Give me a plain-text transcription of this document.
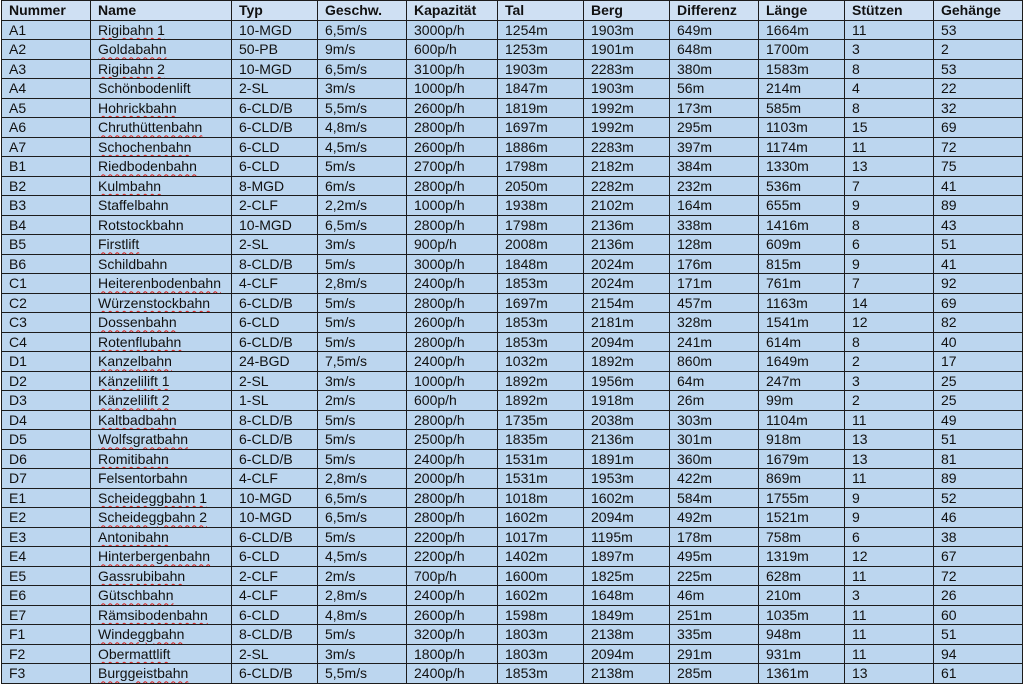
Nummer	Name	Typ	Geschw.	Kapazität	Tal	Berg	Differenz	Länge	Stützen	Gehänge
A1	Rigibahn 1	10-MGD	6,5m/s	3000p/h	1254m	1903m	649m	1664m	11	53
A2	Goldabahn	50-PB	9m/s	600p/h	1253m	1901m	648m	1700m	3	2
A3	Rigibahn 2	10-MGD	6,5m/s	3100p/h	1903m	2283m	380m	1583m	8	53
A4	Schönbodenlift	2-SL	3m/s	1000p/h	1847m	1903m	56m	214m	4	22
A5	Hohrickbahn	6-CLD/B	5,5m/s	2600p/h	1819m	1992m	173m	585m	8	32
A6	Chruthüttenbahn	6-CLD/B	4,8m/s	2800p/h	1697m	1992m	295m	1103m	15	69
A7	Schochenbahn	6-CLD	4,5m/s	2600p/h	1886m	2283m	397m	1174m	11	72
B1	Riedbodenbahn	6-CLD	5m/s	2700p/h	1798m	2182m	384m	1330m	13	75
B2	Kulmbahn	8-MGD	6m/s	2800p/h	2050m	2282m	232m	536m	7	41
B3	Staffelbahn	2-CLF	2,2m/s	1000p/h	1938m	2102m	164m	655m	9	89
B4	Rotstockbahn	10-MGD	6,5m/s	2800p/h	1798m	2136m	338m	1416m	8	43
B5	Firstlift	2-SL	3m/s	900p/h	2008m	2136m	128m	609m	6	51
B6	Schildbahn	8-CLD/B	5m/s	3000p/h	1848m	2024m	176m	815m	9	41
C1	Heiterenbodenbahn	4-CLF	2,8m/s	2400p/h	1853m	2024m	171m	761m	7	92
C2	Würzenstockbahn	6-CLD/B	5m/s	2800p/h	1697m	2154m	457m	1163m	14	69
C3	Dossenbahn	6-CLD	5m/s	2600p/h	1853m	2181m	328m	1541m	12	82
C4	Rotenflubahn	6-CLD/B	5m/s	2800p/h	1853m	2094m	241m	614m	8	40
D1	Kanzelbahn	24-BGD	7,5m/s	2400p/h	1032m	1892m	860m	1649m	2	17
D2	Känzelilift 1	2-SL	3m/s	1000p/h	1892m	1956m	64m	247m	3	25
D3	Känzelilift 2	1-SL	2m/s	600p/h	1892m	1918m	26m	99m	2	25
D4	Kaltbadbahn	8-CLD/B	5m/s	2800p/h	1735m	2038m	303m	1104m	11	49
D5	Wolfsgratbahn	6-CLD/B	5m/s	2500p/h	1835m	2136m	301m	918m	13	51
D6	Romitibahn	6-CLD/B	5m/s	2400p/h	1531m	1891m	360m	1679m	13	81
D7	Felsentorbahn	4-CLF	2,8m/s	2000p/h	1531m	1953m	422m	869m	11	89
E1	Scheideggbahn 1	10-MGD	6,5m/s	2800p/h	1018m	1602m	584m	1755m	9	52
E2	Scheideggbahn 2	10-MGD	6,5m/s	2800p/h	1602m	2094m	492m	1521m	9	46
E3	Antonibahn	6-CLD/B	5m/s	2200p/h	1017m	1195m	178m	758m	6	38
E4	Hinterbergenbahn	6-CLD	4,5m/s	2200p/h	1402m	1897m	495m	1319m	12	67
E5	Gassrubibahn	2-CLF	2m/s	700p/h	1600m	1825m	225m	628m	11	72
E6	Gütschbahn	4-CLF	2,8m/s	2400p/h	1602m	1648m	46m	210m	3	26
E7	Rämsibodenbahn	6-CLD	4,8m/s	2600p/h	1598m	1849m	251m	1035m	11	60
F1	Windeggbahn	8-CLD/B	5m/s	3200p/h	1803m	2138m	335m	948m	11	51
F2	Obermattlift	2-SL	3m/s	1800p/h	1803m	2094m	291m	931m	11	94
F3	Burggeistbahn	6-CLD/B	5,5m/s	2400p/h	1853m	2138m	285m	1361m	13	61
